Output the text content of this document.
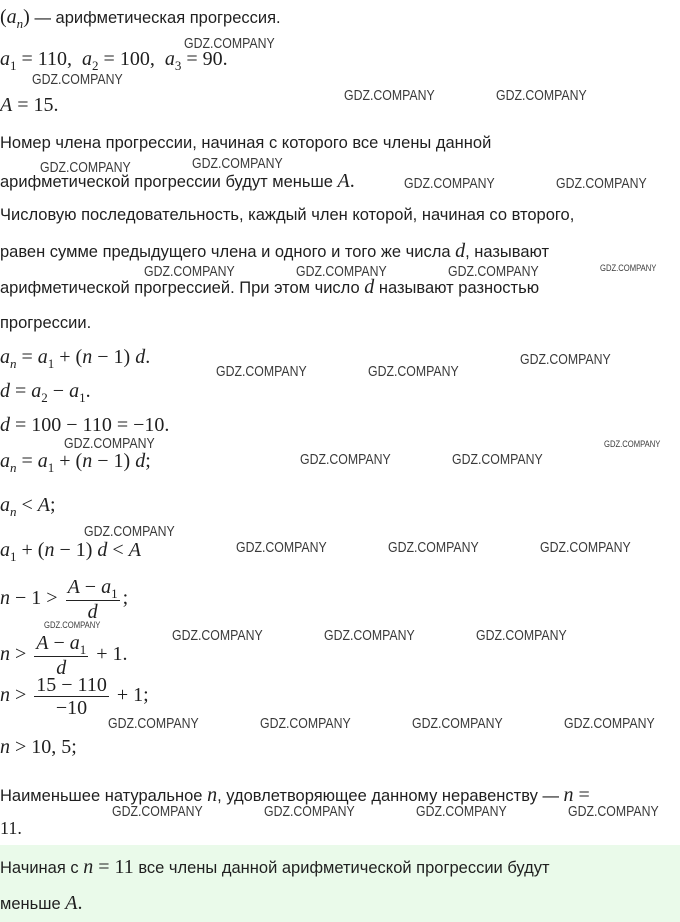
$(a_n)$ — арифметическая прогрессия.
$a_1 = 110$,  $a_2 = 100$,  $a_3 = 90$.
A = 15.
Номер члена прогрессии, начиная с которого все члены данной
арифметической прогрессии будут меньше A.
Числовую последовательность, каждый член которой, начиная со второго,
равен сумме предыдущего члена и одного и того же числа d, называют
арифметической прогрессией. При этом число d называют разностью
прогрессии.
$a_n = a_1 + (n - 1)$ d.
$d = a_2 - a_1$.
d = 100 − 110 = −10.
$a_n = a_1 + (n - 1)$ d;
$a_n < A$;
$a_1 + (n - 1) d < A$
$n - 1 > \frac{A - a_1}{d}$ ;
$n > \frac{A - a_1}{d} + 1$.
$n > \frac{15 - 110}{-10} + 1$;
n > 10, 5;
Наименьшее натуральное n, удовлетворяющее данному неравенству — n =
11.
Начиная с n = 11 все члены данной арифметической прогрессии будут
меньше A.
GDZ.COMPANY
GDZ.COMPANY
GDZ.COMPANY	GDZ.COMPANY
GDZ.COMPANY	GDZ.COMPANY
GDZ.COMPANY	GDZ.COMPANY
GDZ.COMPANY	GDZ.COMPANY	GDZ.COMPANY	GDZ.COMPANY
GDZ.COMPANY
GDZ.COMPANY	GDZ.COMPANY
GDZ.COMPANY	GDZ.COMPANY
GDZ.COMPANY	GDZ.COMPANY
GDZ.COMPANY
GDZ.COMPANY	GDZ.COMPANY	GDZ.COMPANY
GDZ.COMPANY
GDZ.COMPANY	GDZ.COMPANY	GDZ.COMPANY
GDZ.COMPANY	GDZ.COMPANY	GDZ.COMPANY	GDZ.COMPANY
GDZ.COMPANY	GDZ.COMPANY	GDZ.COMPANY	GDZ.COMPANY
